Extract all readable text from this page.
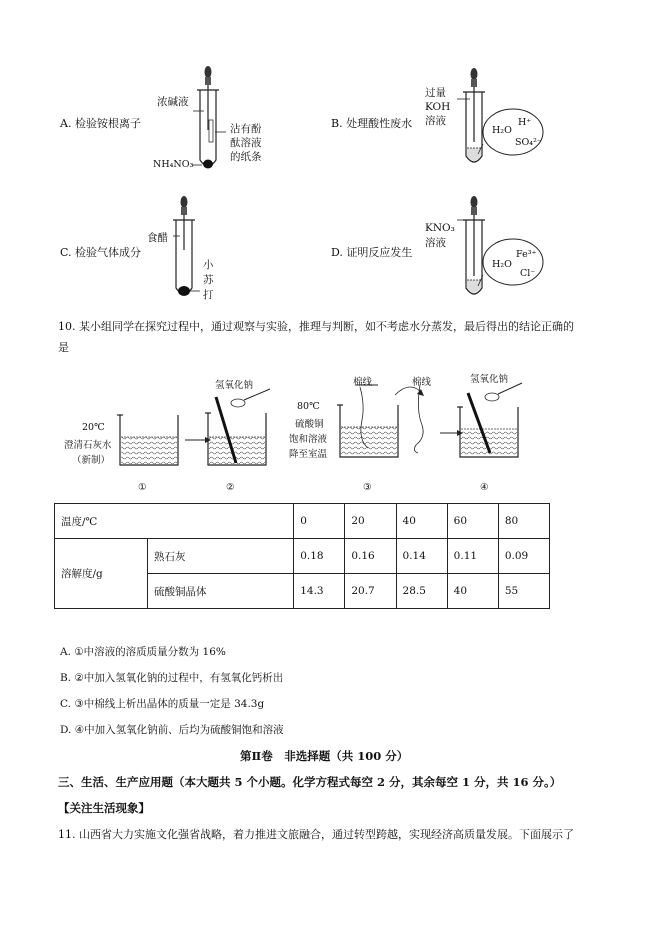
A. 检验铵根离子
浓碱液
沾有酚
酞溶液
的纸条
NH₄NO₃
B. 处理酸性废水
过量
KOH
溶液
H₂O
H⁺
SO₄²⁻
C. 检验气体成分
食醋
小
苏
打
D. 证明反应发生
KNO₃
溶液
H₂O
Fe³⁺
Cl⁻
10. 某小组同学在探究过程中，通过观察与实验，推理与判断，如不考虑水分蒸发，最后得出的结论正确的
是
20℃
澄清石灰水
（新制）
氢氧化钠	棉线
80℃
硫酸铜
饱和溶液
降至室温
棉线	氢氧化钠
①	②	③	④
温度/℃		0	20	40	60	80
溶解度/g	熟石灰	0.18	0.16	0.14	0.11	0.09
	硫酸铜晶体	14.3	20.7	28.5	40	55
A. ①中溶液的溶质质量分数为 16%
B. ②中加入氢氧化钠的过程中，有氢氧化钙析出
C. ③中棉线上析出晶体的质量一定是 34.3g
D. ④中加入氢氧化钠前、后均为硫酸铜饱和溶液
第Ⅱ卷　非选择题（共 100 分）
三、生活、生产应用题（本大题共 5 个小题。化学方程式每空 2 分，其余每空 1 分，共 16 分。）
【关注生活现象】
11. 山西省大力实施文化强省战略，着力推进文旅融合，通过转型跨越，实现经济高质量发展。下面展示了
